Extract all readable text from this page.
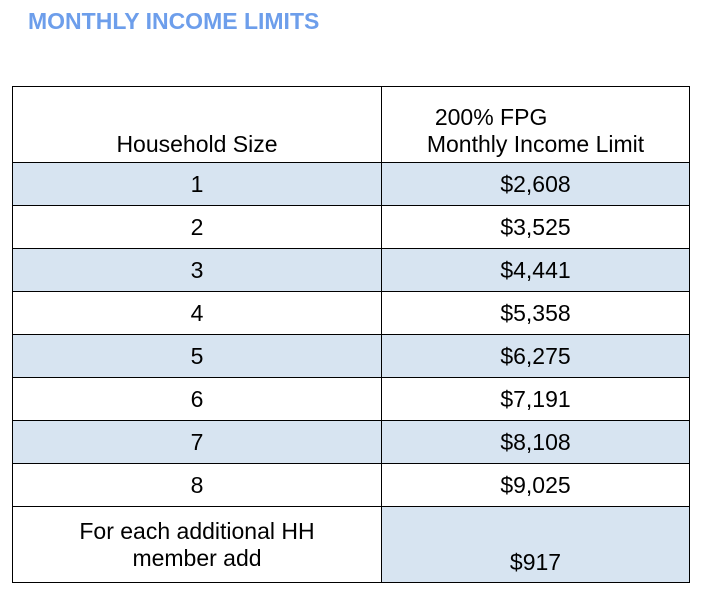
MONTHLY INCOME LIMITS
Household Size	200% FPG
Monthly Income Limit

1	$2,608
2	$3,525
3	$4,441
4	$5,358
5	$6,275
6	$7,191
7	$8,108
8	$9,025

For each additional HH
member add	$917
